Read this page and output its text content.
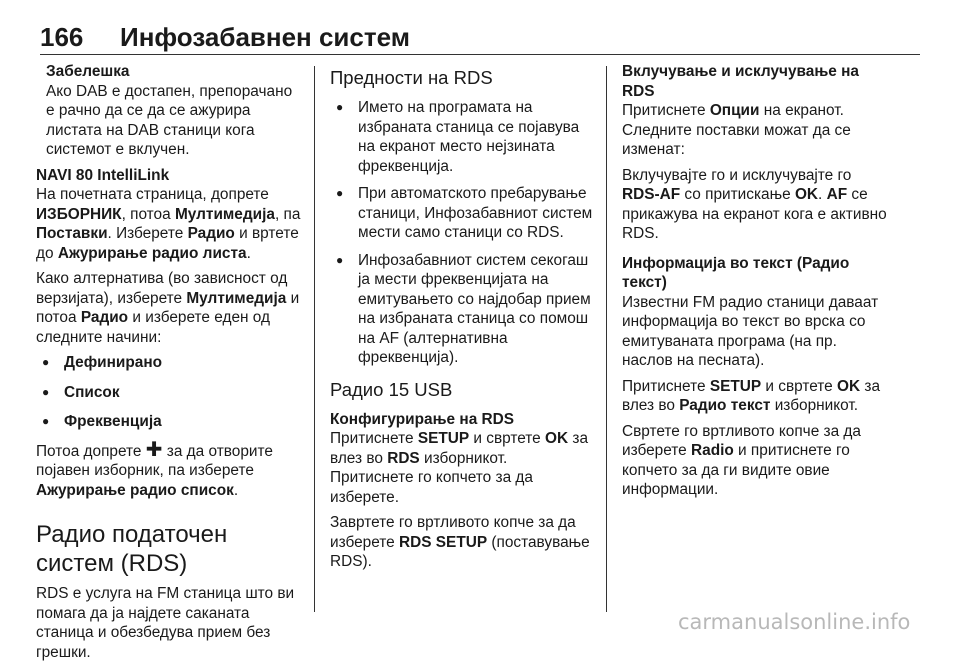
166 Инфозабавнен систем

Забелешка

Ако DAB е достапен, препорачано

е рачно да се да се ажурира

листата на DAB станици кога

системот е вклучен.

NAVI 80 IntelliLink

На почетната страница, допрете ИЗБОРНИК, потоа Мултимедија, па Поставки. Изберете Радио и вртете до Ажурирање радио листа.

Како алтернатива (во зависност од верзијата), изберете Мултимедија и потоа Радио и изберете еден од следните начини:

● Дефинирано
● Список
● Фреквенција

Потоа допрете ✚ за да отворите појавен изборник, па изберете Ажурирање радио список.

Радио податочен систем (RDS)

RDS е услуга на FM станица што ви помага да ја најдете саканата станица и обезбедува прием без грешки.

Предности на RDS
● Името на програмата на избраната станица се појавува на екранот место нејзината фреквенција.
● При автоматското пребарување станици, Инфозабавниот систем мести само станици со RDS.
● Инфозабавниот систем секогаш ја мести фреквенцијата на емитувањето со најдобар прием на избраната станица со помош на AF (алтернативна фреквенција).
Радио 15 USB

Конфигурирање на RDS

Притиснете SETUP и свртете OK за влез во RDS изборникот.

Притиснете го копчето за да изберете.

Завртете го вртливото копче за да изберете RDS SETUP (поставување RDS).

Вклучување и исклучување на RDS

Притиснете Опции на екранот. Следните поставки можат да се изменат:

Вклучувајте го и исклучувајте го RDS-AF со притискање OK. AF се прикажува на екранот кога е активно RDS.

Информација во текст (Радио текст)

Известни FM радио станици даваат информација во текст во врска со емитуваната програма (на пр. наслов на песната).

Притиснете SETUP и свртете OK за влез во Радио текст изборникот.

Свртете го вртливото копче за да изберете Radio и притиснете го копчето за да ги видите овие информации.

carmanualsonline.info
